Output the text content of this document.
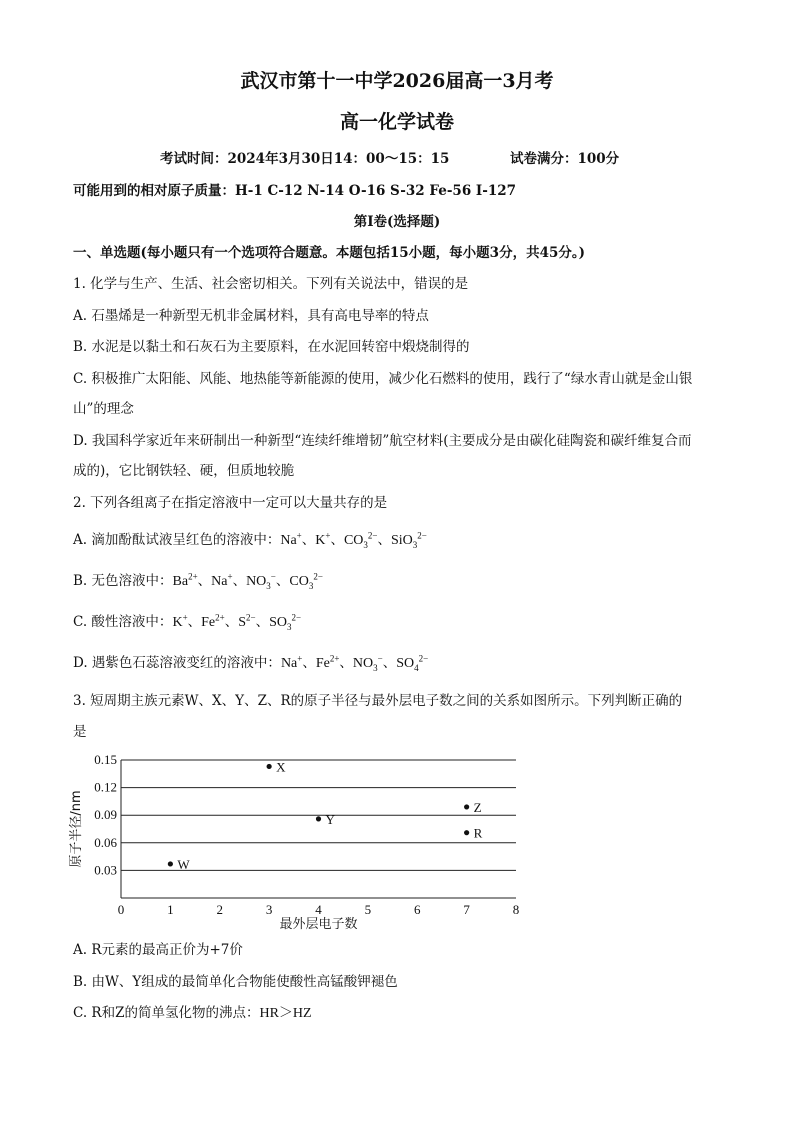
武汉市第十一中学2026届高一3月考
高一化学试卷
考试时间：2024年3月30日14：00～15：15	试卷满分：100分
可能用到的相对原子质量：H-1 C-12 N-14 O-16 S-32 Fe-56 I-127
第Ⅰ卷(选择题)
一、单选题(每小题只有一个选项符合题意。本题包括15小题，每小题3分，共45分。)
1. 化学与生产、生活、社会密切相关。下列有关说法中，错误的是
A. 石墨烯是一种新型无机非金属材料，具有高电导率的特点
B. 水泥是以黏土和石灰石为主要原料，在水泥回转窑中煅烧制得的
C. 积极推广太阳能、风能、地热能等新能源的使用，减少化石燃料的使用，践行了“绿水青山就是金山银
山”的理念
D. 我国科学家近年来研制出一种新型“连续纤维增韧”航空材料(主要成分是由碳化硅陶瓷和碳纤维复合而
成的)，它比钢铁轻、硬，但质地较脆
2. 下列各组离子在指定溶液中一定可以大量共存的是
A. 滴加酚酞试液呈红色的溶液中：Na+、K+、$CO_3^{2-}$、SiO$_3^{2-}$
B. 无色溶液中：$Ba^{2+}$、Na+、$NO_3^-$、$CO_3^{2-}$
C. 酸性溶液中：K+、$Fe^{2+}$、$S^{2-}$、$SO_3^{2-}$
D. 遇紫色石蕊溶液变红的溶液中：Na+、$Fe^{2+}$、$NO_3^-$、$SO_4^{2-}$
3. 短周期主族元素W、X、Y、Z、R的原子半径与最外层电子数之间的关系如图所示。下列判断正确的
是
0.03
0.06
0.09
0.12
0.15
0	1	2	3	4	5	6	7	8
最外层电子数
原子半径/nm	W
X
Y
Z
R
A. R元素的最高正价为+7价
B. 由W、Y组成的最简单化合物能使酸性高锰酸钾褪色
C. R和Z的简单氢化物的沸点：HR＞HZ
